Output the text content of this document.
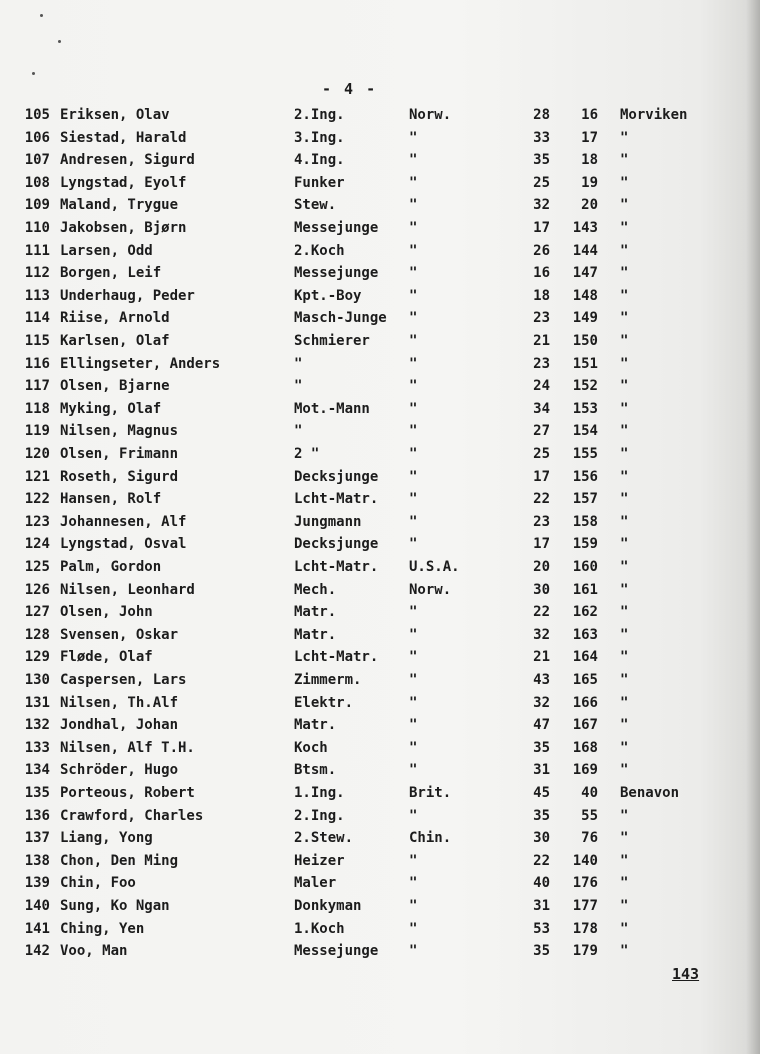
- 4 -
105 Eriksen, Olav	2.Ing.	Norw.	28	16 Morviken
106 Siestad, Harald	3.Ing.	"	33	17 "
107 Andresen, Sigurd	4.Ing.	"	35	18 "
108 Lyngstad, Eyolf	Funker	"	25	19 "
109 Maland, Trygue	Stew.	"	32	20 "
110 Jakobsen, Bjørn	Messejunge "	17	143 "
111 Larsen, Odd	2.Koch	"	26	144 "
112 Borgen, Leif	Messejunge "	16	147 "
113 Underhaug, Peder	Kpt.-Boy	"	18	148 "
114 Riise, Arnold	Masch-Junge "	23	149 "
115 Karlsen, Olaf	Schmierer	"	21	150 "
116 Ellingseter, Anders	"	"	23	151 "
117 Olsen, Bjarne	"	"	24	152 "
118 Myking, Olaf	Mot.-Mann	"	34	153 "
119 Nilsen, Magnus	"	"	27	154 "
120 Olsen, Frimann	2 "	"	25	155 "
121 Roseth, Sigurd	Decksjunge "	17	156 "
122 Hansen, Rolf	Lcht-Matr. "	22	157 "
123 Johannesen, Alf	Jungmann	"	23	158 "
124 Lyngstad, Osval	Decksjunge "	17	159 "
125 Palm, Gordon	Lcht-Matr. U.S.A.	20	160 "
126 Nilsen, Leonhard	Mech.	Norw.	30	161 "
127 Olsen, John	Matr.	"	22	162 "
128 Svensen, Oskar	Matr.	"	32	163 "
129 Fløde, Olaf	Lcht-Matr. "	21	164 "
130 Caspersen, Lars	Zimmerm.	"	43	165 "
131 Nilsen, Th.Alf	Elektr.	"	32	166 "
132 Jondhal, Johan	Matr.	"	47	167 "
133 Nilsen, Alf T.H.	Koch	"	35	168 "
134 Schröder, Hugo	Btsm.	"	31	169 "
135 Porteous, Robert	1.Ing.	Brit.	45	40 Benavon
136 Crawford, Charles	2.Ing.	"	35	55 "
137 Liang, Yong	2.Stew.	Chin.	30	76 "
138 Chon, Den Ming	Heizer	"	22	140 "
139 Chin, Foo	Maler	"	40	176 "
140 Sung, Ko Ngan	Donkyman	"	31	177 "
141 Ching, Yen	1.Koch	"	53	178 "
142 Voo, Man	Messejunge "	35	179 "
143
